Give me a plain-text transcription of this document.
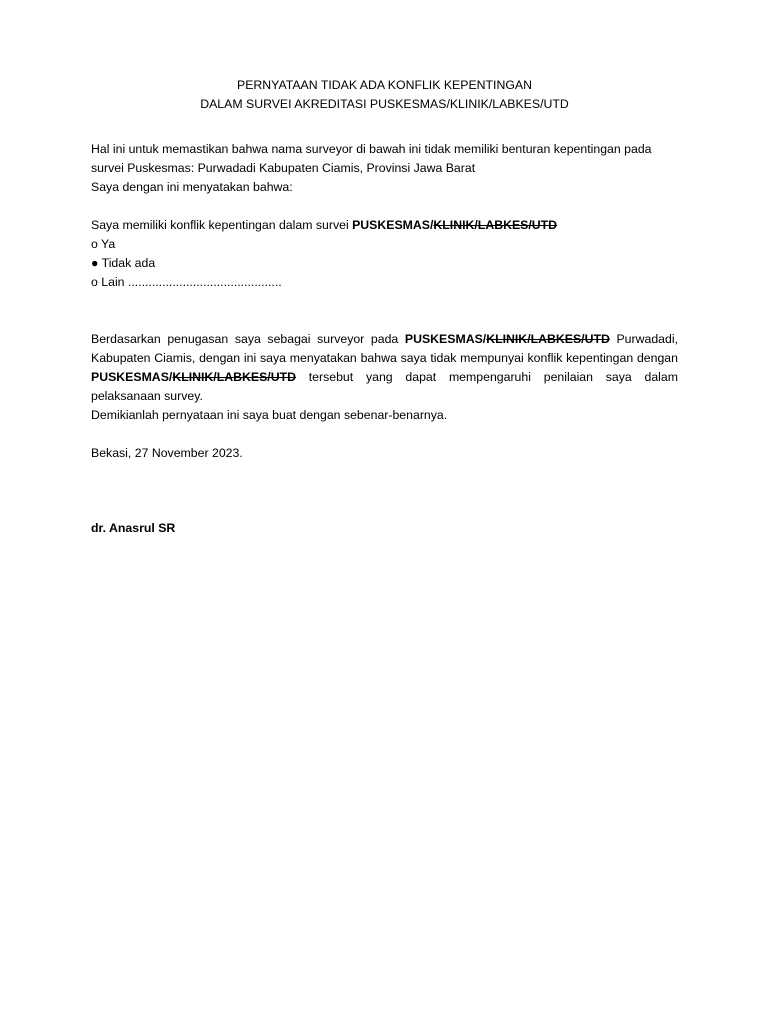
PERNYATAAN TIDAK ADA KONFLIK KEPENTINGAN

DALAM SURVEI AKREDITASI PUSKESMAS/KLINIK/LABKES/UTD

Hal ini untuk memastikan bahwa nama surveyor di bawah ini tidak memiliki benturan kepentingan pada

survei Puskesmas: Purwadadi Kabupaten Ciamis, Provinsi Jawa Barat

Saya dengan ini menyatakan bahwa:

Saya memiliki konflik kepentingan dalam survei PUSKESMAS/KLINIK/LABKES/UTD

o Ya
● Tidak ada
o Lain .............................................

Berdasarkan penugasan saya sebagai surveyor pada PUSKESMAS/KLINIK/LABKES/UTD Purwadadi, Kabupaten Ciamis, dengan ini saya menyatakan bahwa saya tidak mempunyai konflik kepentingan dengan PUSKESMAS/KLINIK/LABKES/UTD tersebut yang dapat mempengaruhi penilaian saya dalam pelaksanaan survey.

Demikianlah pernyataan ini saya buat dengan sebenar-benarnya.

Bekasi, 27 November 2023.

dr. Anasrul SR
